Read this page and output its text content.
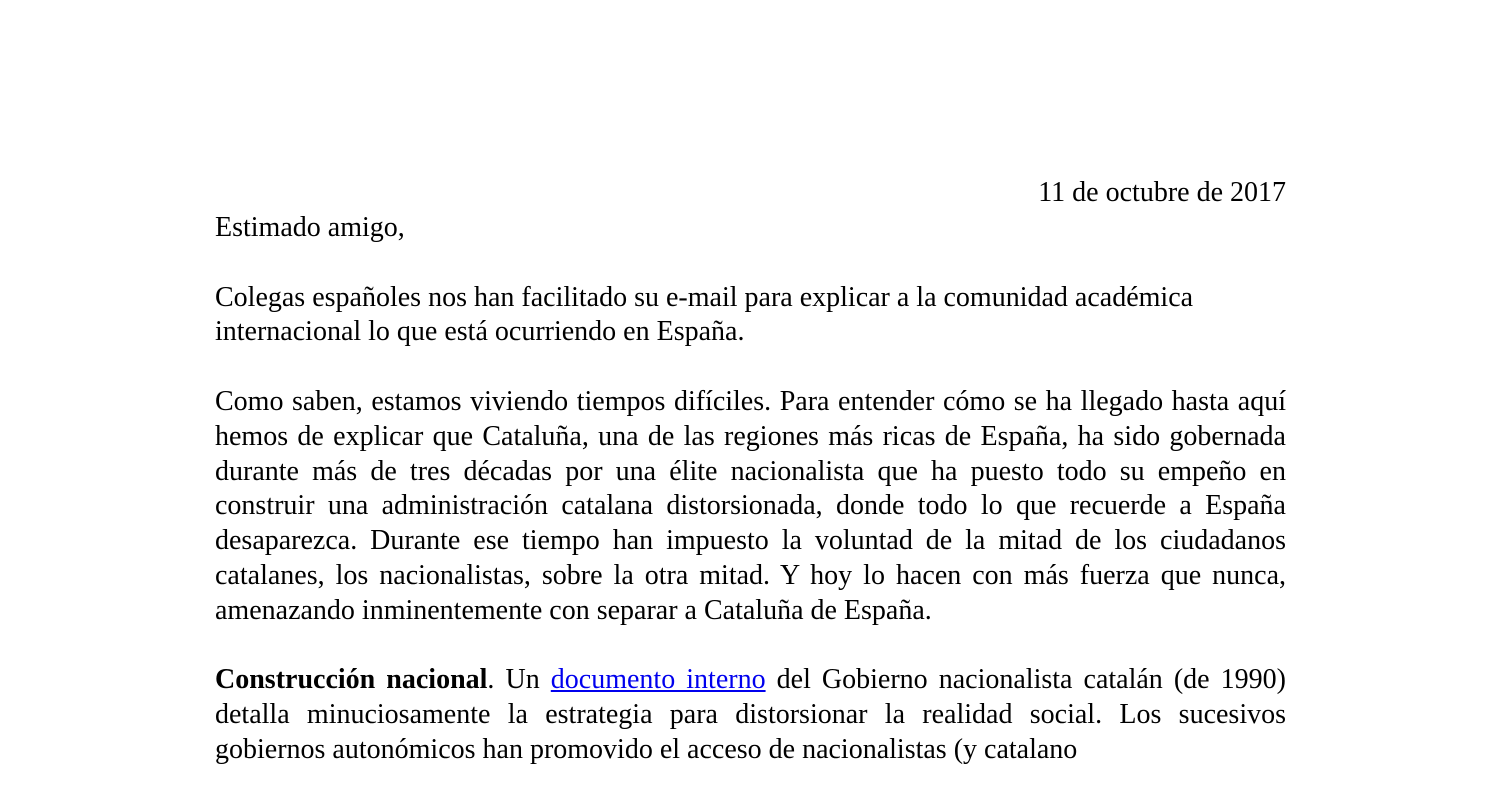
11 de octubre de 2017

Estimado amigo,

Colegas españoles nos han facilitado su e-mail para explicar a la comunidad académica internacional lo que está ocurriendo en España.

Como saben, estamos viviendo tiempos difíciles. Para entender cómo se ha llegado hasta aquí hemos de explicar que Cataluña, una de las regiones más ricas de España, ha sido gobernada durante más de tres décadas por una élite nacionalista que ha puesto todo su empeño en construir una administración catalana distorsionada, donde todo lo que recuerde a España desaparezca. Durante ese tiempo han impuesto la voluntad de la mitad de los ciudadanos catalanes, los nacionalistas, sobre la otra mitad. Y hoy lo hacen con más fuerza que nunca, amenazando inminentemente con separar a Cataluña de España.

Construcción nacional. Un documento interno del Gobierno nacionalista catalán (de 1990) detalla minuciosamente la estrategia para distorsionar la realidad social. Los sucesivos gobiernos autonómicos han promovido el acceso de nacionalistas (y catalano
